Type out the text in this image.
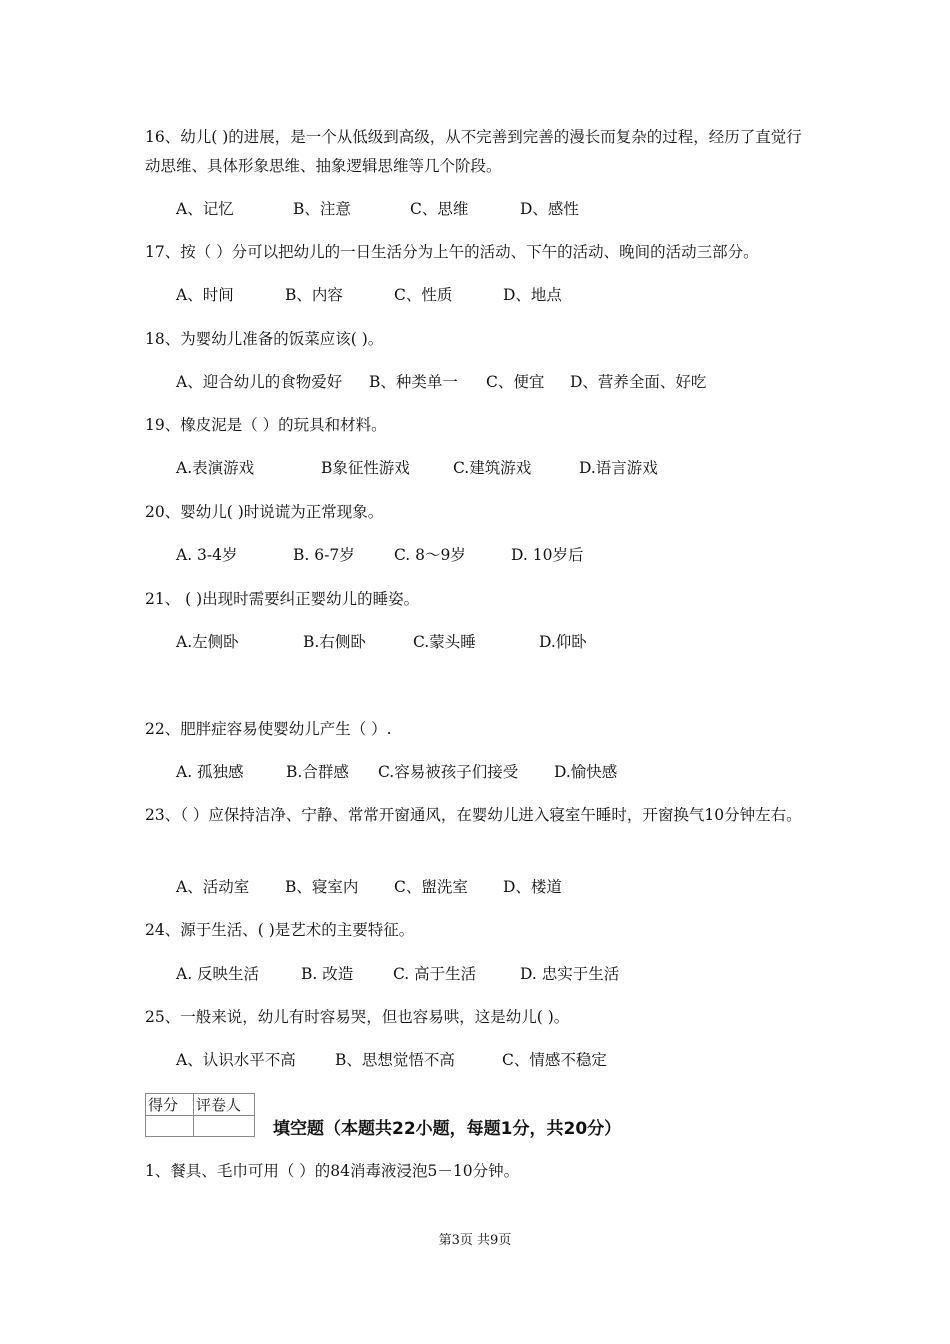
16、幼儿( )的进展，是一个从低级到高级，从不完善到完善的漫长而复杂的过程，经历了直觉行动思维、具体形象思维、抽象逻辑思维等几个阶段。
A、记忆	B、注意	C、思维	D、感性
17、按（ ）分可以把幼儿的一日生活分为上午的活动、下午的活动、晚间的活动三部分。
A、时间	B、内容	C、性质	D、地点
18、为婴幼儿准备的饭菜应该( )。
A、迎合幼儿的食物爱好 B、种类单一 C、便宜 D、营养全面、好吃
19、橡皮泥是（ ）的玩具和材料。
A.表演游戏	B象征性游戏	C.建筑游戏	D.语言游戏
20、婴幼儿( )时说谎为正常现象。
A. 3-4岁	B. 6-7岁	C. 8～9岁	D. 10岁后
21、 ( )出现时需要纠正婴幼儿的睡姿。
A.左侧卧	B.右侧卧	C.蒙头睡	D.仰卧
22、肥胖症容易使婴幼儿产生（ ）.
A. 孤独感	B.合群感 C.容易被孩子们接受 D.愉快感
23、（ ）应保持洁净、宁静、常常开窗通风，在婴幼儿进入寝室午睡时，开窗换气10分钟左右。
A、活动室 B、寝室内 C、盥洗室 D、楼道
24、源于生活、( )是艺术的主要特征。
A. 反映生活	B. 改造	C. 高于生活	D. 忠实于生活
25、一般来说，幼儿有时容易哭，但也容易哄，这是幼儿( )。
A、认识水平不高	B、思想觉悟不高	C、情感不稳定
得分	评卷人

填空题（本题共22小题，每题1分，共20分）
1、餐具、毛巾可用（ ）的84消毒液浸泡5－10分钟。
第3页 共9页
